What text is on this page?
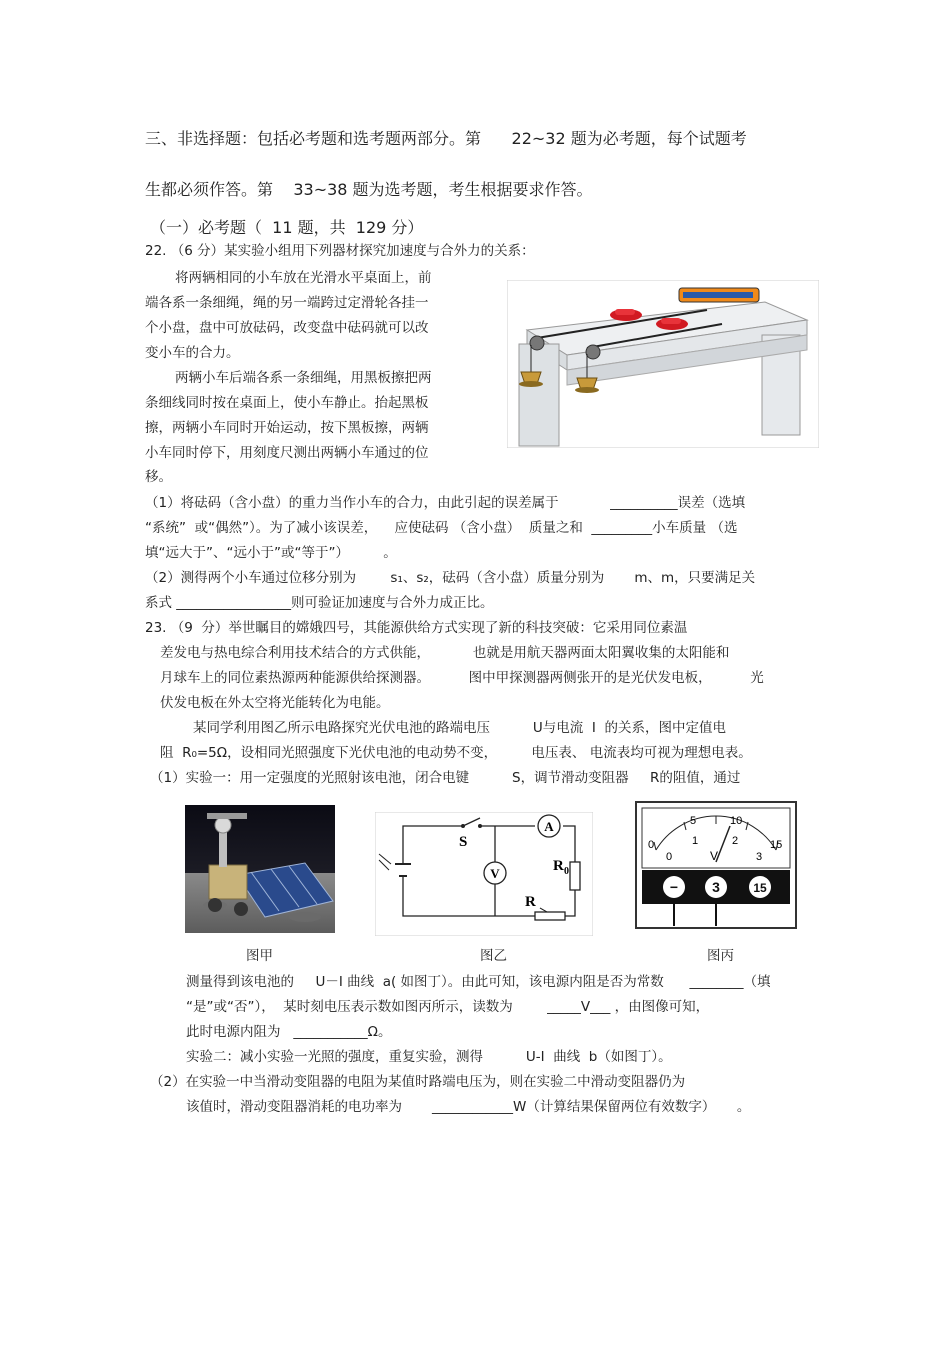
三、非选择题：包括必考题和选考题两部分。第      22~32 题为必考题，每个试题考
生都必须作答。第    33~38 题为选考题，考生根据要求作答。
（一）必考题（  11 题，共  129 分）
22. （6 分）某实验小组用下列器材探究加速度与合外力的关系：
将两辆相同的小车放在光滑水平桌面上，前
端各系一条细绳，绳的另一端跨过定滑轮各挂一
个小盘，盘中可放砝码，改变盘中砝码就可以改
变小车的合力。
两辆小车后端各系一条细绳，用黑板擦把两
条细线同时按在桌面上，使小车静止。抬起黑板
擦，两辆小车同时开始运动，按下黑板擦，两辆
小车同时停下，用刻度尺测出两辆小车通过的位
移。
（1）将砝码（含小盘）的重力当作小车的合力，由此引起的误差属于            __________误差（选填
“系统”  或“偶然”）。为了减小该误差，    应使砝码 （含小盘）  质量之和  _________小车质量 （选
填“远大于”、“远小于”或“等于”）        。
（2）测得两个小车通过位移分别为        s₁、s₂，砝码（含小盘）质量分别为       m、m，只要满足关
系式 _________________则可验证加速度与合外力成正比。
23. （9  分）举世瞩目的嫦娥四号，其能源供给方式实现了新的科技突破：它采用同位素温
差发电与热电综合利用技术结合的方式供能，          也就是用航天器两面太阳翼收集的太阳能和
月球车上的同位素热源两种能源供给探测器。         图中甲探测器两侧张开的是光伏发电板，         光
伏发电板在外太空将光能转化为电能。
某同学利用图乙所示电路探究光伏电池的路端电压          U与电流  I  的关系，图中定值电
阻  R₀=5Ω，设相同光照强度下光伏电池的电动势不变，        电压表、 电流表均可视为理想电表。
（1）实验一：用一定强度的光照射该电池，闭合电键          S，调节滑动变阻器     R的阻值，通过
图甲
A
V	R 0
R
S
图乙
5	10
0	15
0
1	2
3
V
− 3	15
图丙
测量得到该电池的     U－I 曲线  a( 如图丁）。由此可知，该电源内阻是否为常数      ________（填
“是”或“否”），  某时刻电压表示数如图丙所示，读数为        _____V___ ，由图像可知，
此时电源内阻为   ___________Ω。
实验二：减小实验一光照的强度，重复实验，测得          U-I  曲线  b（如图丁）。
（2）在实验一中当滑动变阻器的电阻为某值时路端电压为，则在实验二中滑动变阻器仍为
该值时，滑动变阻器消耗的电功率为       ____________W（计算结果保留两位有效数字）     。
